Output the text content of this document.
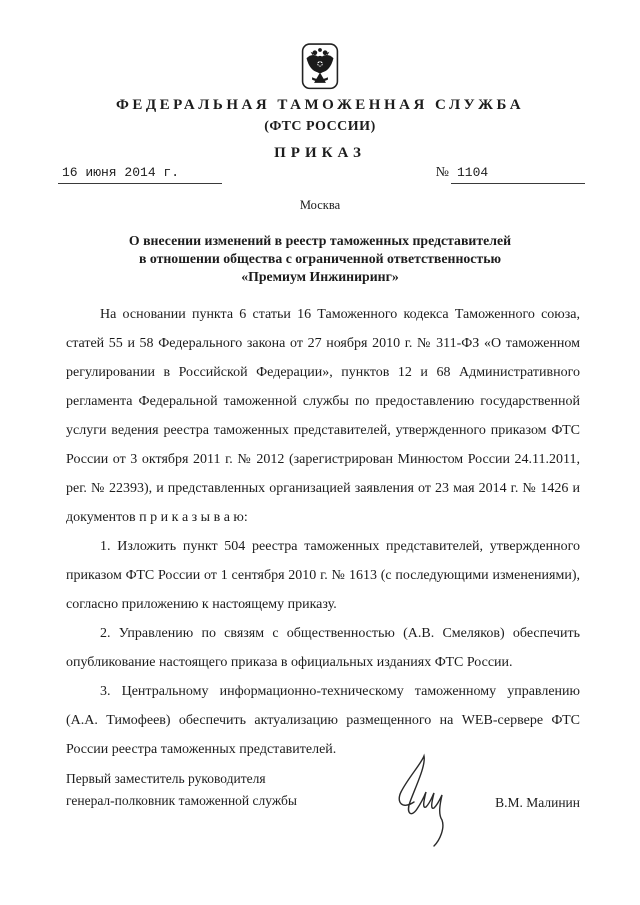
ФЕДЕРАЛЬНАЯ ТАМОЖЕННАЯ СЛУЖБА
(ФТС РОССИИ)
ПРИКАЗ
16 июня 2014 г.	№ 1104
Москва
О внесении изменений в реестр таможенных представителей
в отношении общества с ограниченной ответственностью
«Премиум Инжиниринг»

На основании пункта 6 статьи 16 Таможенного кодекса Таможенного союза, статей 55 и 58 Федерального закона от 27 ноября 2010 г. № 311-ФЗ «О таможенном регулировании в Российской Федерации», пунктов 12 и 68 Административного регламента Федеральной таможенной службы по предоставлению государственной услуги ведения реестра таможенных представителей, утвержденного приказом ФТС России от 3 октября 2011 г. № 2012 (зарегистрирован Минюстом России 24.11.2011, рег. № 22393), и представленных организацией заявления от 23 мая 2014 г. № 1426 и документов п р и к а з ы в а ю:

1. Изложить пункт 504 реестра таможенных представителей, утвержденного приказом ФТС России от 1 сентября 2010 г. № 1613 (с последующими изменениями), согласно приложению к настоящему приказу.

2. Управлению по связям с общественностью (А.В. Смеляков) обеспечить опубликование настоящего приказа в официальных изданиях ФТС России.

3. Центральному информационно-техническому таможенному управлению (А.А. Тимофеев) обеспечить актуализацию размещенного на WEB-сервере ФТС России реестра таможенных представителей.

Первый заместитель руководителя
генерал-полковник таможенной службы	В.М. Малинин
